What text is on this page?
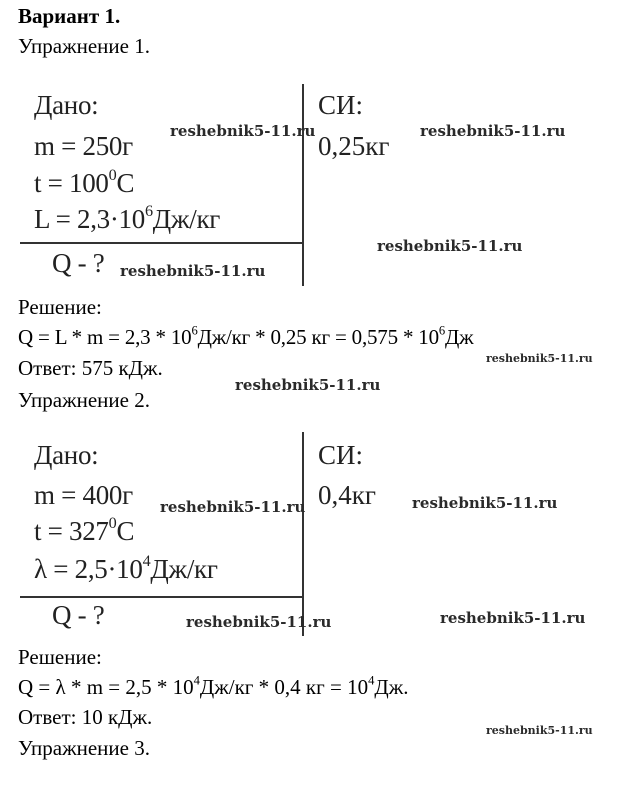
Вариант 1.
Упражнение 1.
Дано:
m = 250г
$t = 100^0C$
$L = 2,3\cdot 10^6Дж/кг$
Q - ?
СИ:
0,25кг
Решение:
$Q = L * m = 2,3 * 10^6Дж/кг * 0,25$ кг = $0,575 * 10^6Дж$
Ответ: 575 кДж.
Упражнение 2.
Дано:
m = 400г
$t = 327^0C$
$\lambda = 2,5\cdot 10^4Дж/кг$
Q - ?
СИ:
0,4кг
Решение:
$Q = \lambda * m = 2,5 * 10^4Дж/кг * 0,4$ кг = $10^4Дж$.
Ответ: 10 кДж.
Упражнение 3.
reshebnik5-11.ru	reshebnik5-11.ru
reshebnik5-11.ru
reshebnik5-11.ru
reshebnik5-11.ru
reshebnik5-11.ru
reshebnik5-11.ru	reshebnik5-11.ru
reshebnik5-11.ru	reshebnik5-11.ru
reshebnik5-11.ru
